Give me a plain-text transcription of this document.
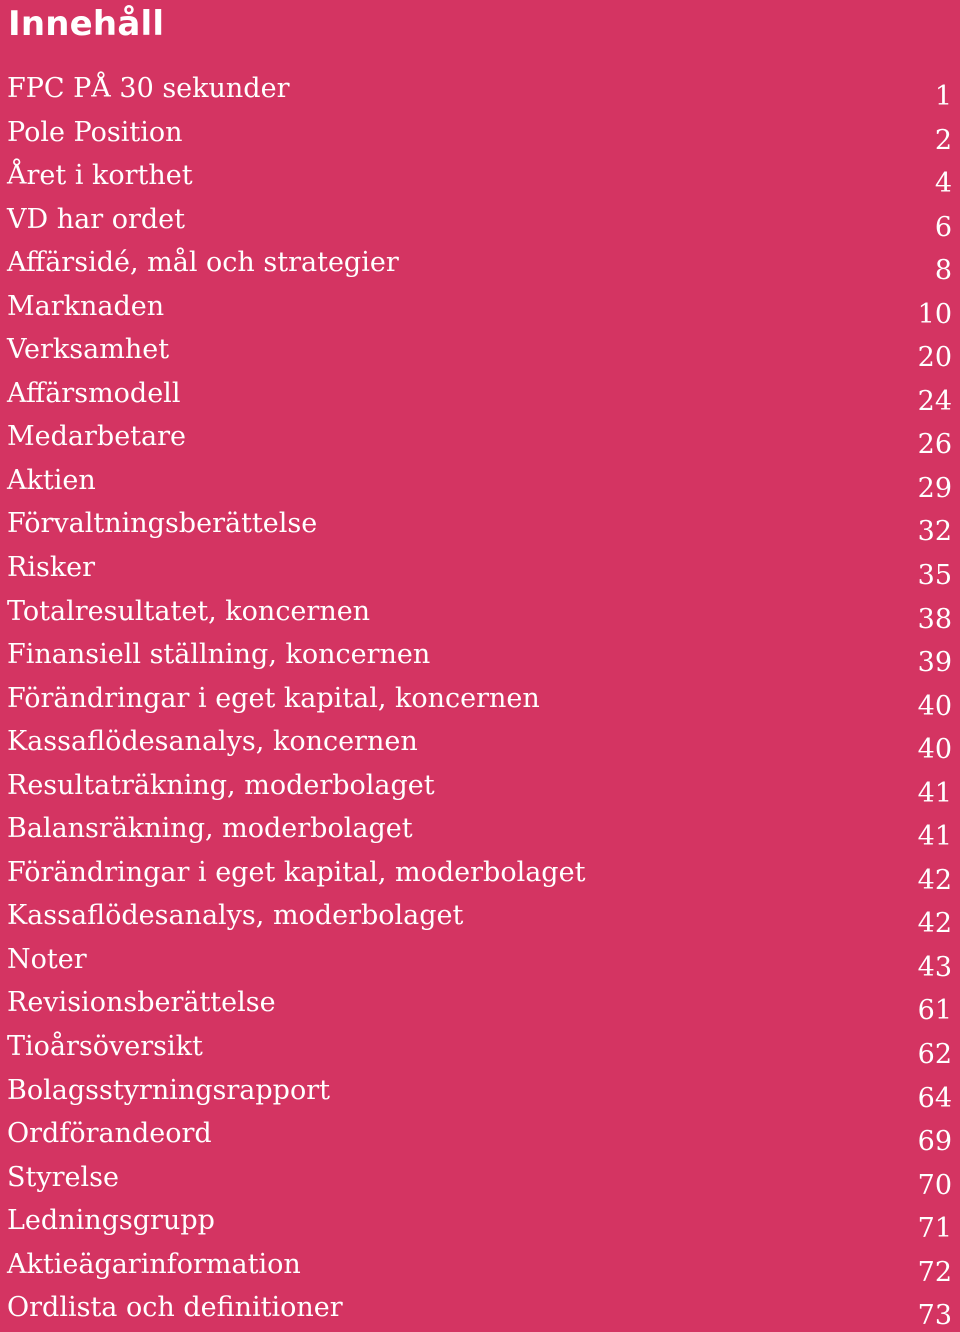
Innehåll
FPC PÅ 30 sekunder	1
Pole Position	2
Året i korthet	4
VD har ordet	6
Affärsidé, mål och strategier	8
Marknaden	10
Verksamhet	20
Affärsmodell	24
Medarbetare	26
Aktien	29
Förvaltningsberättelse	32
Risker	35
Totalresultatet, koncernen	38
Finansiell ställning, koncernen	39
Förändringar i eget kapital, koncernen	40
Kassaflödesanalys, koncernen	40
Resultaträkning, moderbolaget	41
Balansräkning, moderbolaget	41
Förändringar i eget kapital, moderbolaget	42
Kassaflödesanalys, moderbolaget	42
Noter	43
Revisionsberättelse	61
Tioårsöversikt	62
Bolagsstyrningsrapport	64
Ordförandeord	69
Styrelse	70
Ledningsgrupp	71
Aktieägarinformation	72
Ordlista och definitioner	73
